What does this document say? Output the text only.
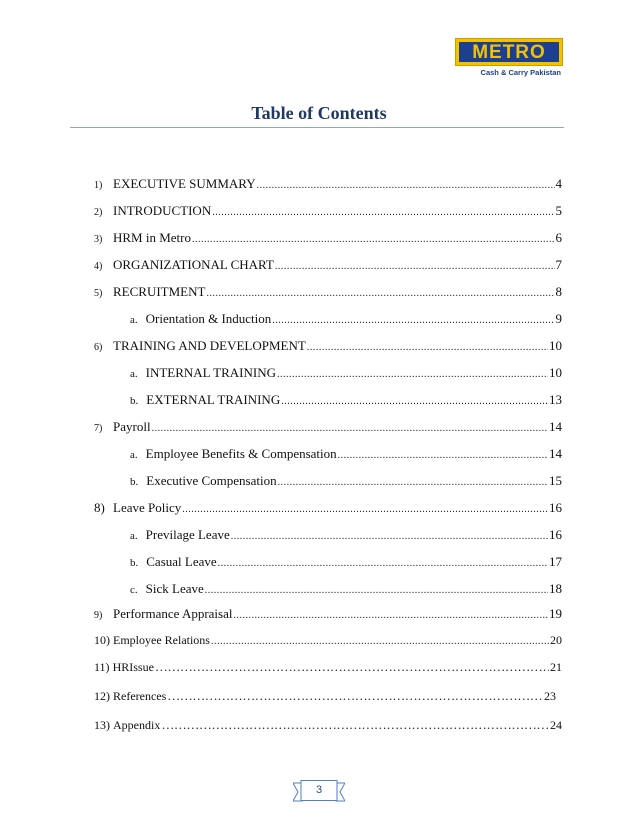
METRO
Cash & Carry Pakistan
Table of Contents
1) EXECUTIVE SUMMARY .....	4
2) INTRODUCTION .....	5
3) HRM in Metro .....	6
4) ORGANIZATIONAL CHART .....	7
5) RECRUITMENT .....	8
a. Orientation & Induction .....	9
6) TRAINING AND DEVELOPMENT .....	10
a. INTERNAL TRAINING .....	10
b. EXTERNAL TRAINING .....	13
7) Payroll .....	14
a. Employee Benefits & Compensation .....	14
b. Executive Compensation .....	15
8) Leave Policy .....	16
a. Previlage Leave .....	16
b. Casual Leave .....	17
c. Sick Leave .....	18
9) Performance Appraisal .....	19
10) Employee Relations .....	20
11) HRIssue …………………………………………………………………………………………………………………………………………………………	21
12) References …………………………………………………………………………………………………………………………………………………………	23
13) Appendix …………………………………………………………………………………………………………………………………………………………	24
3
